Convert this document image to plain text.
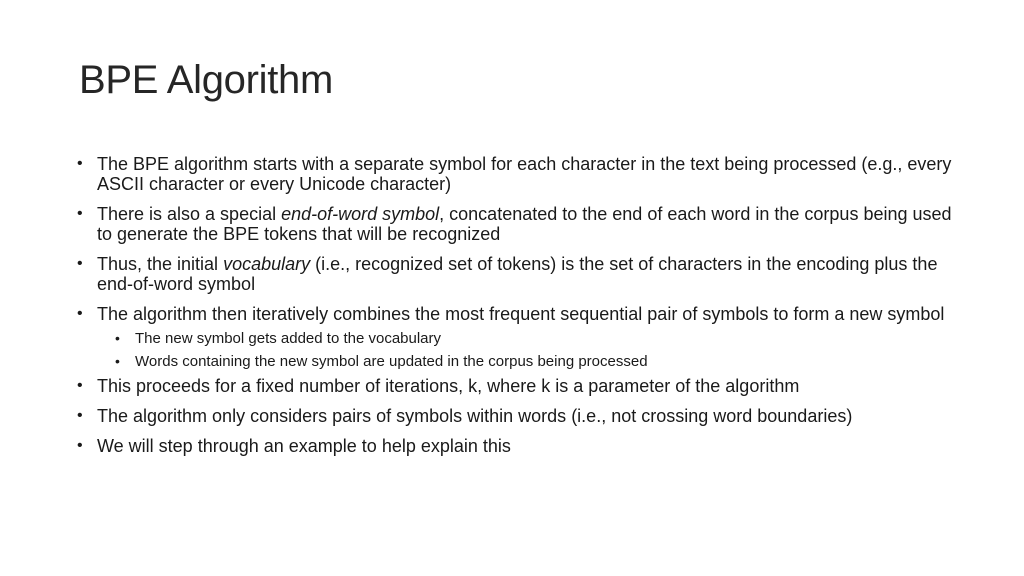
BPE Algorithm
• The BPE algorithm starts with a separate symbol for each character in the text being processed (e.g., every ASCII character or every Unicode character)
• There is also a special end-of-word symbol, concatenated to the end of each word in the corpus being used to generate the BPE tokens that will be recognized
• Thus, the initial vocabulary (i.e., recognized set of tokens) is the set of characters in the encoding plus the end-of-word symbol
• The algorithm then iteratively combines the most frequent sequential pair of symbols to form a new symbol
• The new symbol gets added to the vocabulary
• Words containing the new symbol are updated in the corpus being processed
• This proceeds for a fixed number of iterations, k, where k is a parameter of the algorithm
• The algorithm only considers pairs of symbols within words (i.e., not crossing word boundaries)
• We will step through an example to help explain this
